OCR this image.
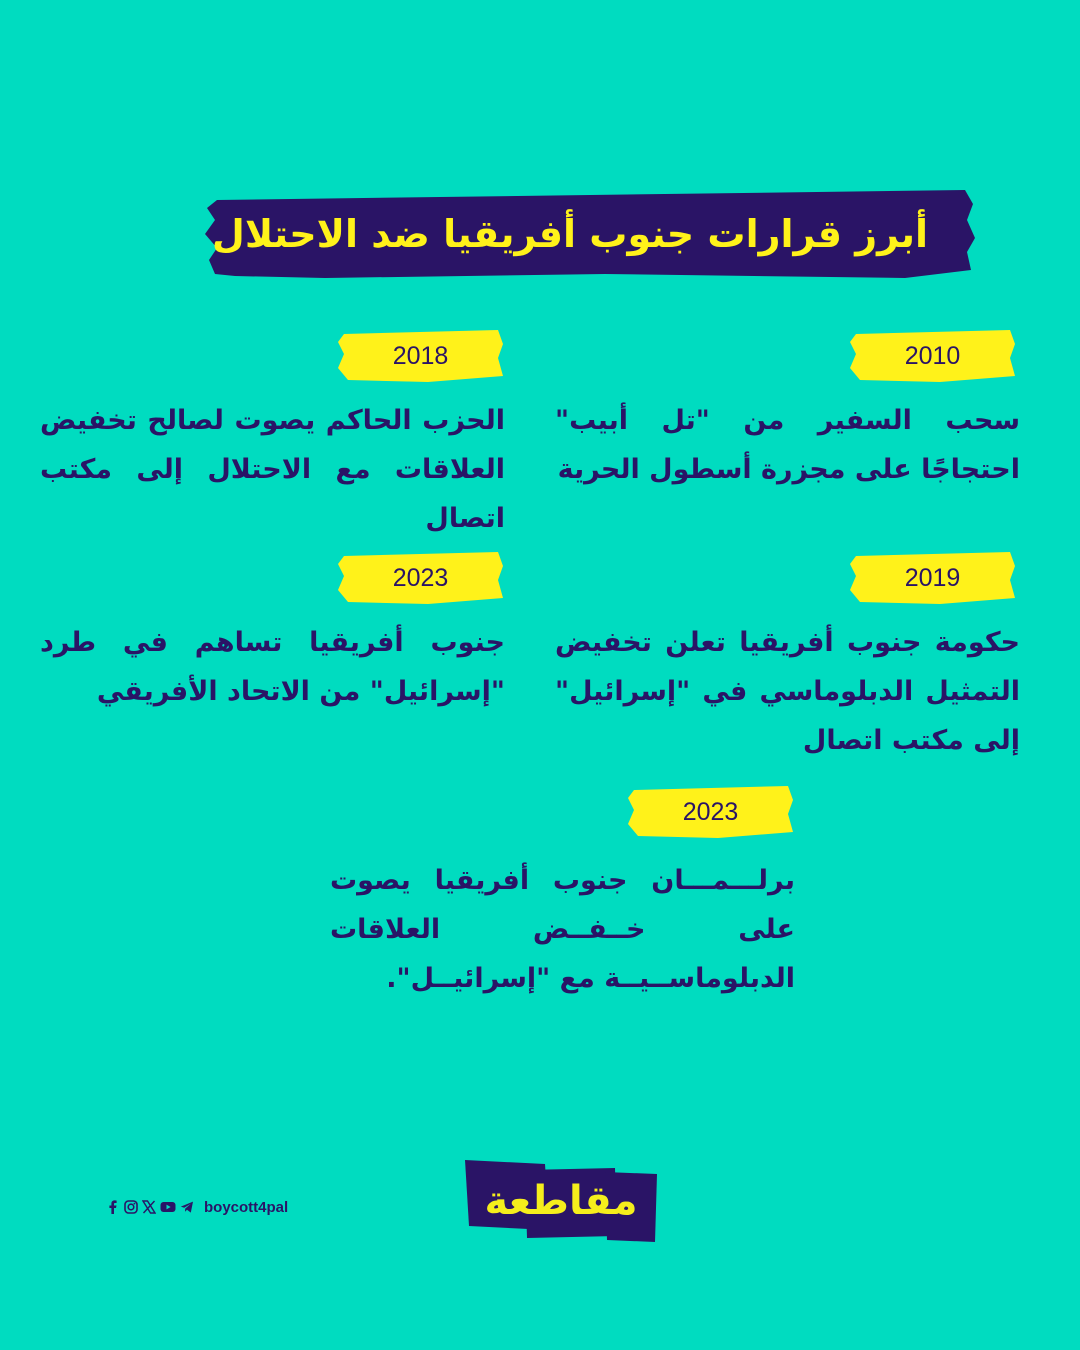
أبرز قرارات جنوب أفريقيا ضد الاحتلال
2010
2018
2019
2023
2023
سحب السفير من "تل أبيب" احتجاجًا على مجزرة أسطول الحرية
الحزب الحاكم يصوت لصالح تخفيض العلاقات مع الاحتلال إلى مكتب اتصال
حكومة جنوب أفريقيا تعلن تخفيض التمثيل الدبلوماسي في "إسرائيل" إلى مكتب اتصال
جنوب أفريقيا تساهم في طرد "إسرائيل" من الاتحاد الأفريقي
برلـــمـــان جنوب أفريقيا يصوت على خــفــض العلاقات الدبلوماســيــة مع "إسرائيــل".
boycott4pal	مقاطعة
